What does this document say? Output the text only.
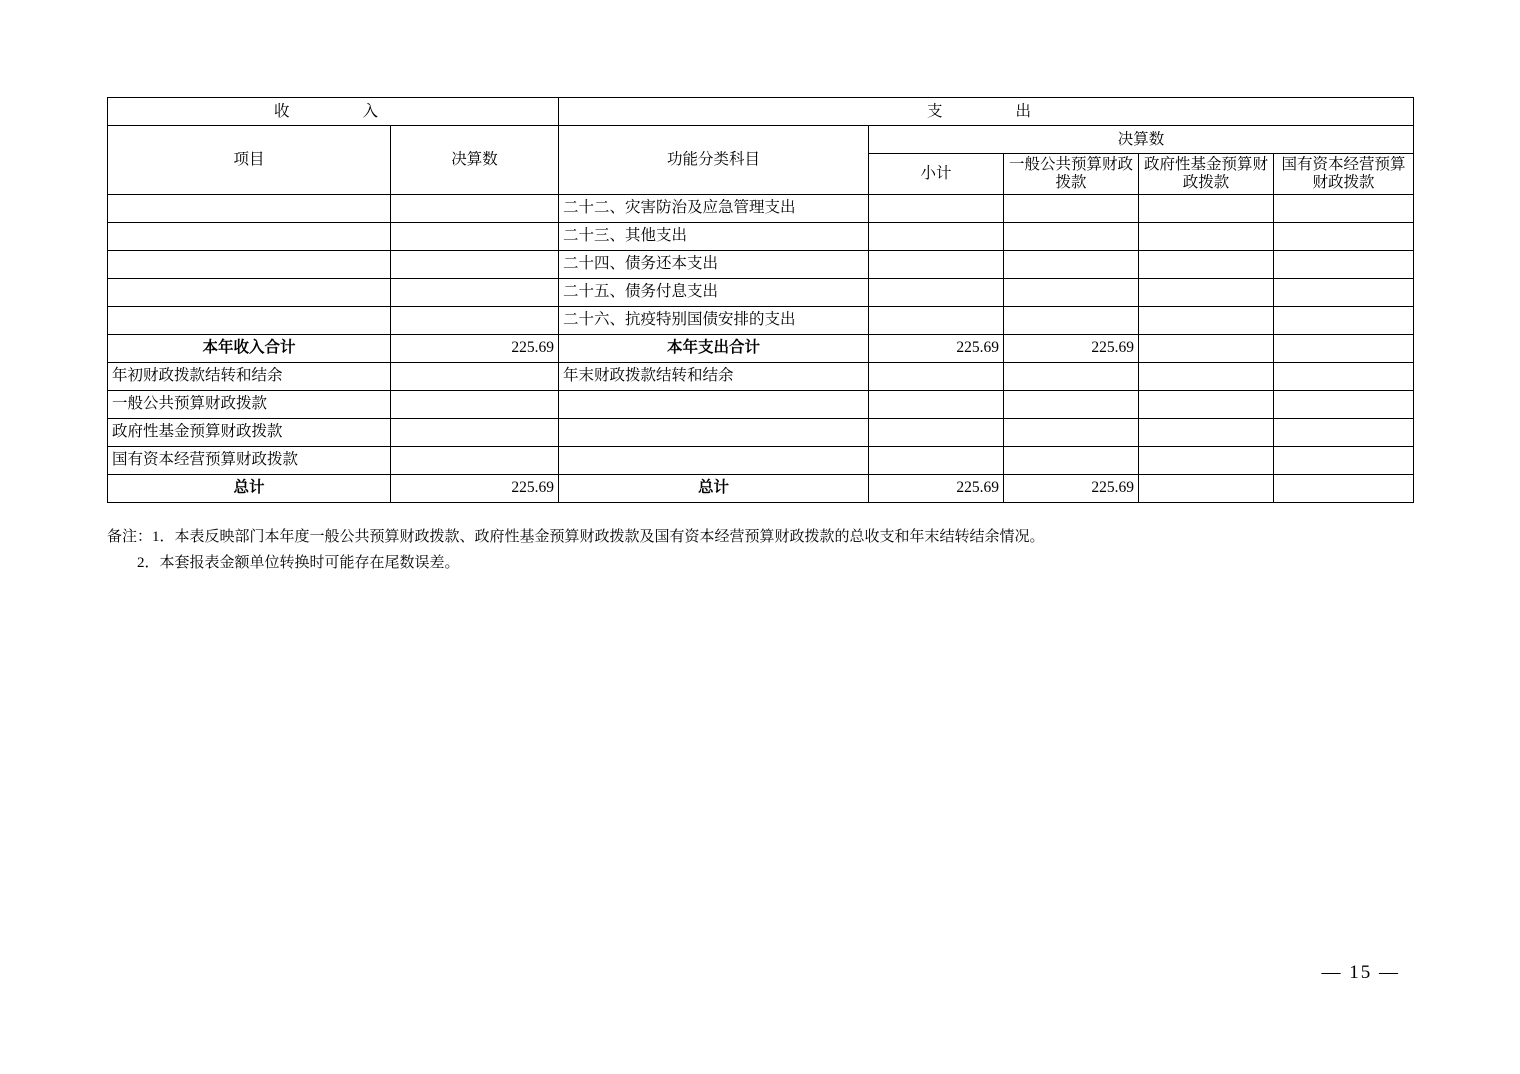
收　　入		支　　出				
项目	决算数	功能分类科目	决算数			
			小计	一般公共预算财政拨款	政府性基金预算财政拨款	国有资本经营预算财政拨款
		二十二、灾害防治及应急管理支出				
		二十三、其他支出				
		二十四、债务还本支出				
		二十五、债务付息支出				
		二十六、抗疫特别国债安排的支出				
本年收入合计	225.69	本年支出合计	225.69	225.69		
年初财政拨款结转和结余		年末财政拨款结转和结余				
一般公共预算财政拨款						
政府性基金预算财政拨款						
国有资本经营预算财政拨款						
总计	225.69	总计	225.69	225.69		
备注：1．本表反映部门本年度一般公共预算财政拨款、政府性基金预算财政拨款及国有资本经营预算财政拨款的总收支和年末结转结余情况。
2．本套报表金额单位转换时可能存在尾数误差。
— 15 —
